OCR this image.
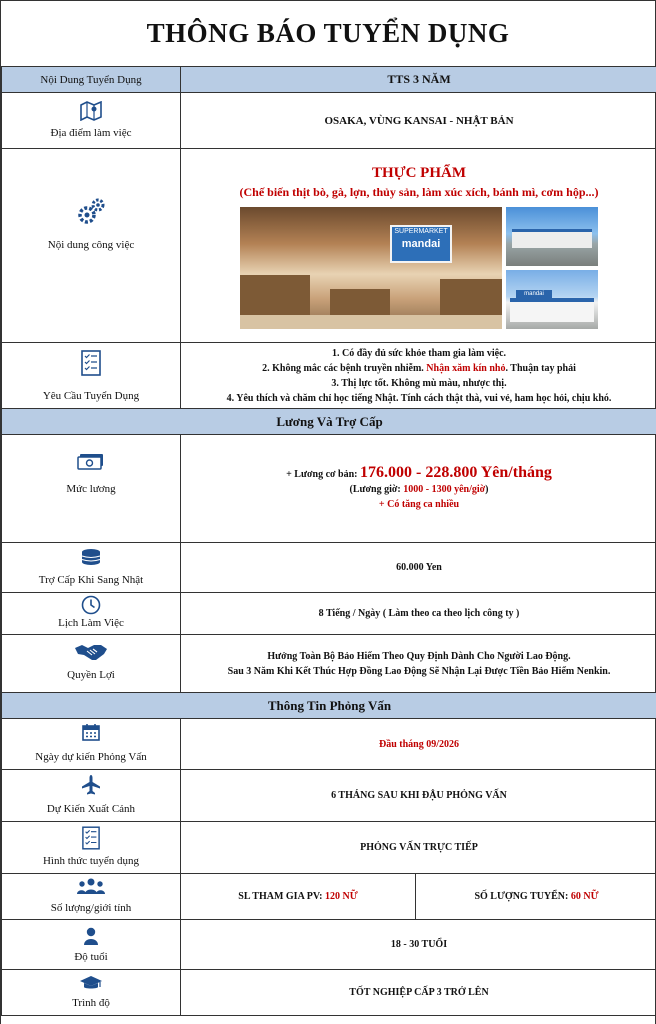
THÔNG BÁO TUYỂN DỤNG
Nội Dung Tuyển Dụng	TTS 3 NĂM	

Địa điểm làm việc	OSAKA, VÙNG KANSAI - NHẬT BẢN	

Nội dung công việc	THỰC PHẨM
(Chế biến thịt bò, gà, lợn, thủy sản, làm xúc xích, bánh mì, cơm hộp...)
SUPERMARKET
mandai
mandai	

Yêu Cầu Tuyển Dụng	1. Có đầy đủ sức khỏe tham gia làm việc.
2. Không mắc các bệnh truyền nhiễm. Nhận xăm kín nhỏ. Thuận tay phải
3. Thị lực tốt. Không mù màu, nhược thị.
4. Yêu thích và chăm chỉ học tiếng Nhật. Tính cách thật thà, vui vẻ, ham học hỏi, chịu khó.	

Lương Và Trợ Cấp		

Mức lương	+ Lương cơ bản: 176.000 - 228.800 Yên/tháng
(Lương giờ: 1000 - 1300 yên/giờ)
+ Có tăng ca nhiều	

Trợ Cấp Khi Sang Nhật	60.000 Yen	

Lịch Làm Việc	8 Tiếng / Ngày ( Làm theo ca theo lịch công ty )	

Quyền Lợi	Hưởng Toàn Bộ Bảo Hiểm Theo Quy Định Dành Cho Người Lao Động.
Sau 3 Năm Khi Kết Thúc Hợp Đồng Lao Động Sẽ Nhận Lại Được Tiền Bảo Hiểm Nenkin.	

Thông Tin Phỏng Vấn		

Ngày dự kiến Phỏng Vấn	Đầu tháng 09/2026	

Dự Kiến Xuất Cảnh	6 THÁNG SAU KHI ĐẬU PHỎNG VẤN	

Hình thức tuyển dụng	PHỎNG VẤN TRỰC TIẾP	

Số lượng/giới tính	SL THAM GIA PV: 120 NỮ	SỐ LƯỢNG TUYỂN: 60 NỮ

Độ tuổi	18 - 30 TUỔI	

Trình độ	TỐT NGHIỆP CẤP 3 TRỞ LÊN	
